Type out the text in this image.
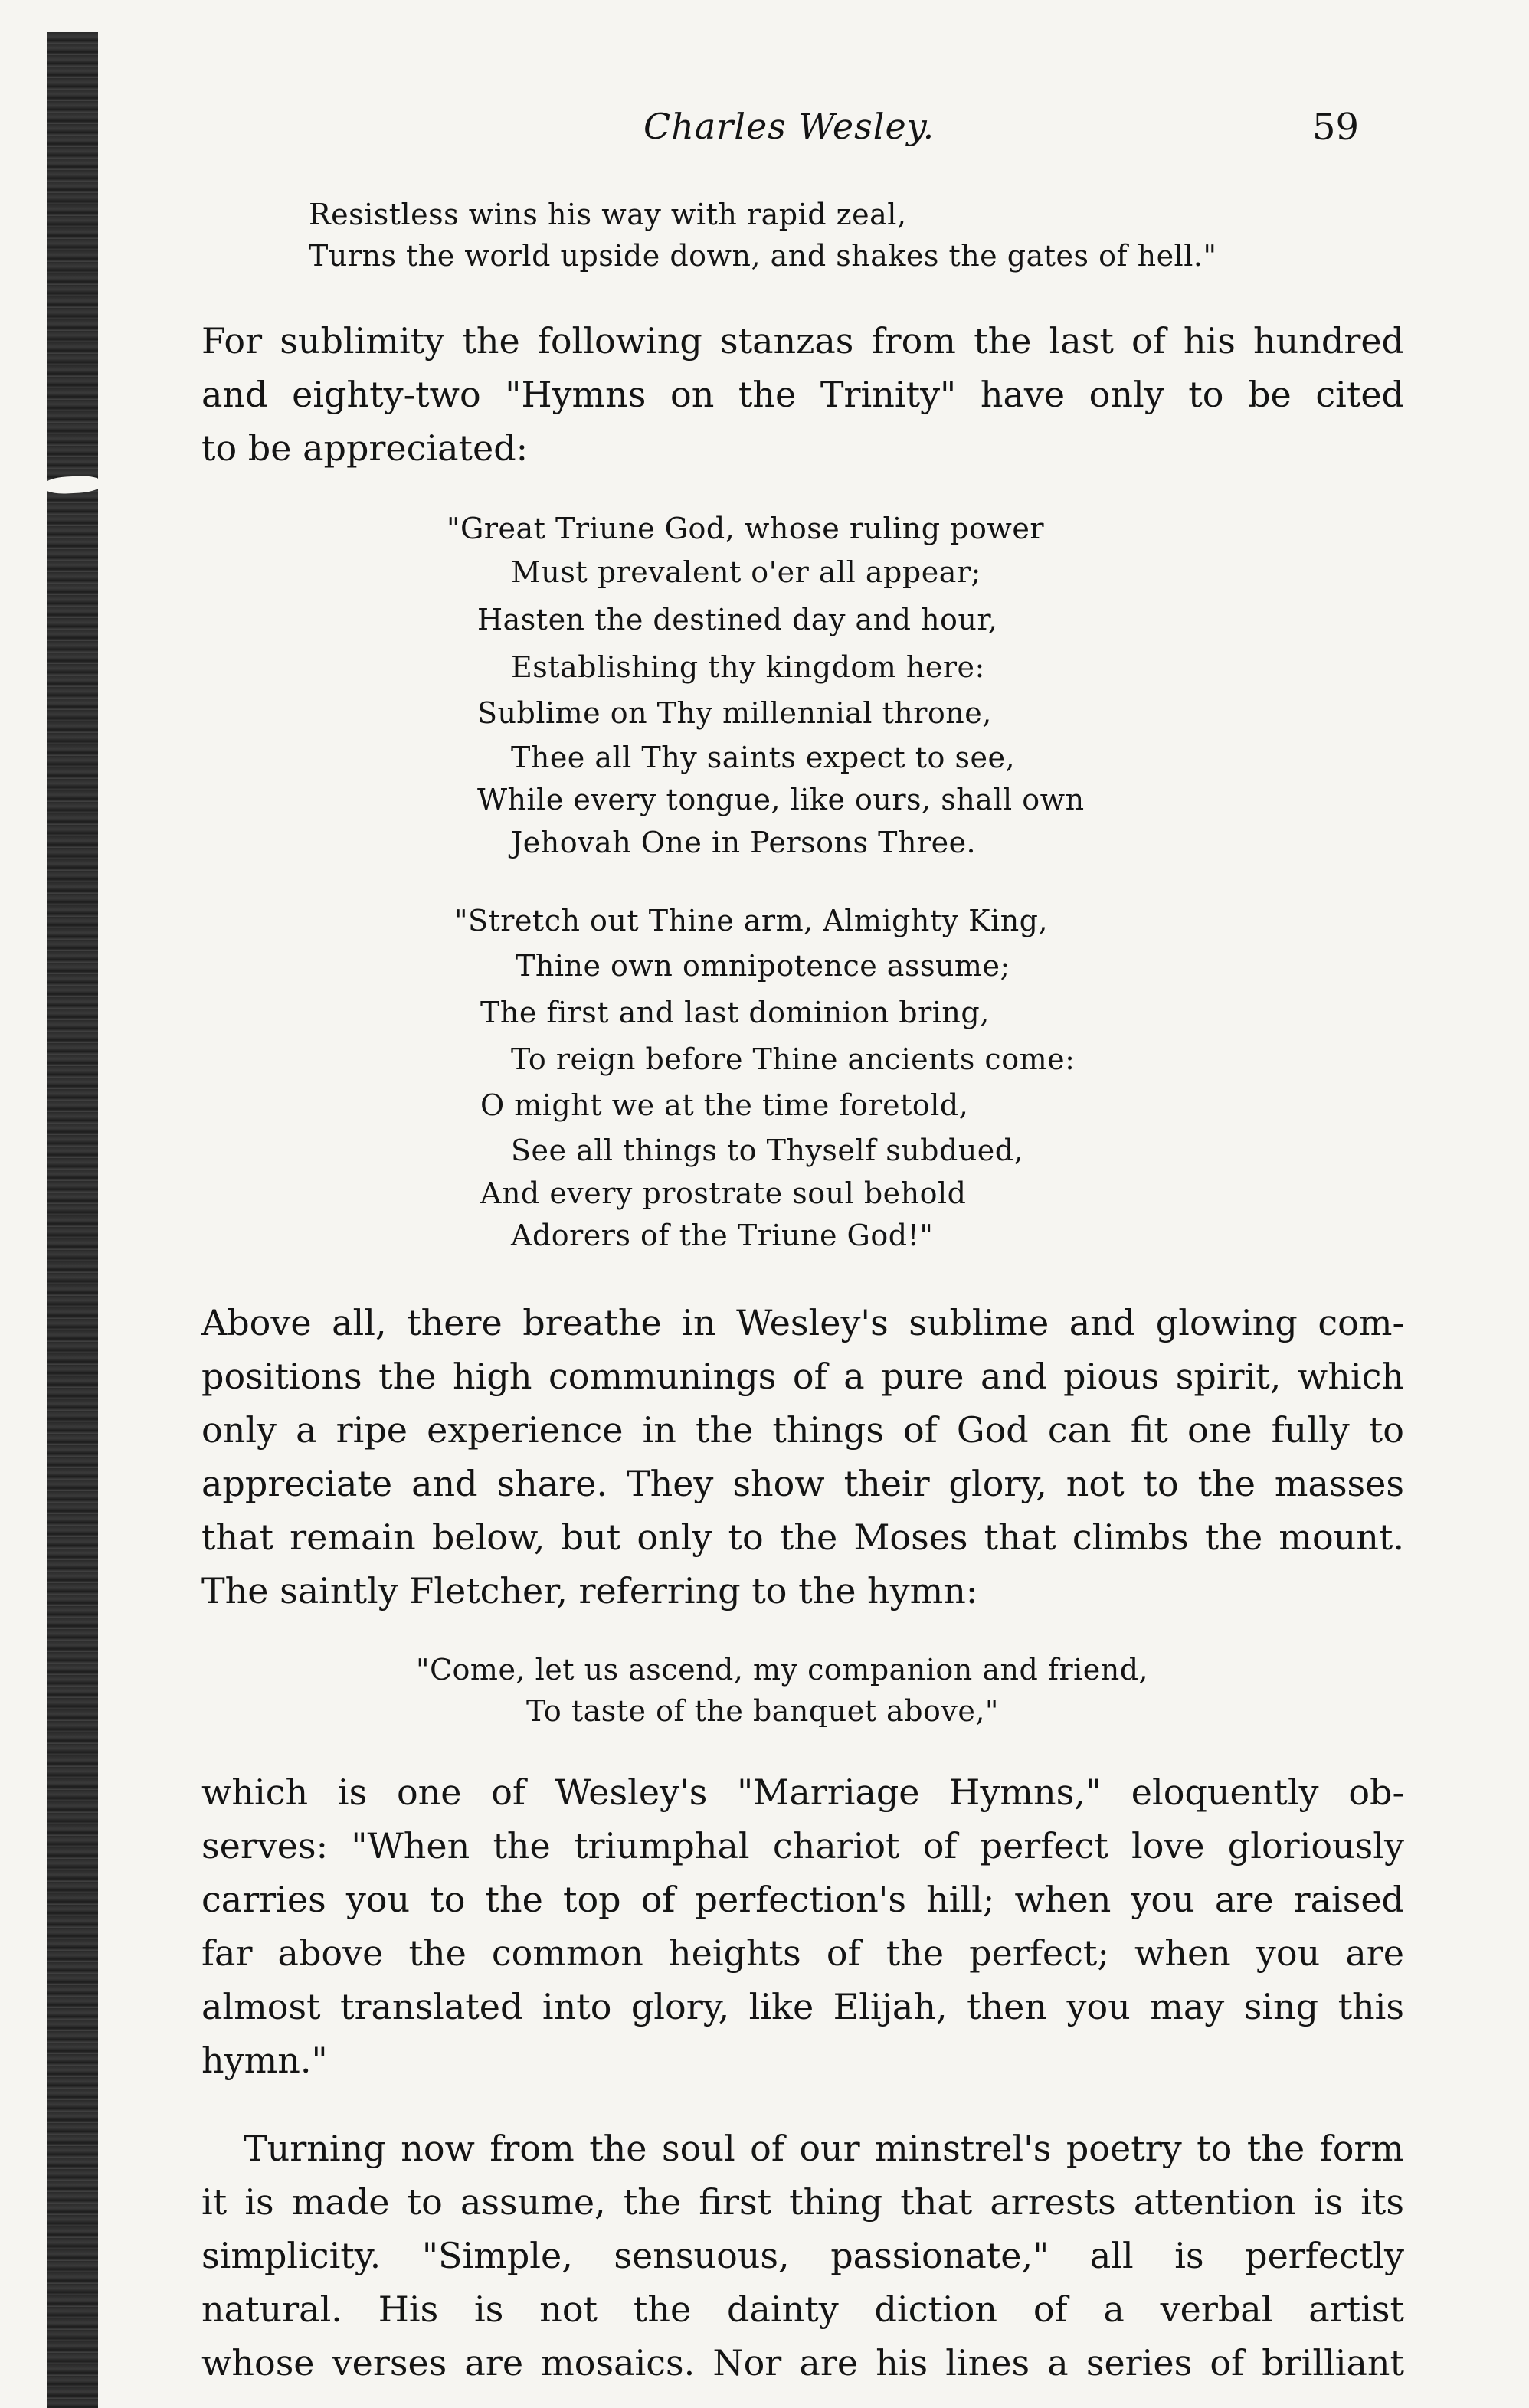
Charles Wesley.	59
Resistless wins his way with rapid zeal,
Turns the world upside down, and shakes the gates of hell."
For sublimity the following stanzas from the last of his hundred
and eighty-two "Hymns on the Trinity" have only to be cited
to be appreciated:
"Great Triune God, whose ruling power
Must prevalent o'er all appear;
Hasten the destined day and hour,
Establishing thy kingdom here:
Sublime on Thy millennial throne,
Thee all Thy saints expect to see,
While every tongue, like ours, shall own
Jehovah One in Persons Three.
"Stretch out Thine arm, Almighty King,
Thine own omnipotence assume;
The first and last dominion bring,
To reign before Thine ancients come:
O might we at the time foretold,
See all things to Thyself subdued,
And every prostrate soul behold
Adorers of the Triune God!"
Above all, there breathe in Wesley's sublime and glowing com-
positions the high communings of a pure and pious spirit, which
only a ripe experience in the things of God can fit one fully to
appreciate and share. They show their glory, not to the masses
that remain below, but only to the Moses that climbs the mount.
The saintly Fletcher, referring to the hymn:
"Come, let us ascend, my companion and friend,
To taste of the banquet above,"
which is one of Wesley's "Marriage Hymns," eloquently ob-
serves: "When the triumphal chariot of perfect love gloriously
carries you to the top of perfection's hill; when you are raised
far above the common heights of the perfect; when you are
almost translated into glory, like Elijah, then you may sing this
hymn."
Turning now from the soul of our minstrel's poetry to the form
it is made to assume, the first thing that arrests attention is its
simplicity. "Simple, sensuous, passionate," all is perfectly
natural. His is not the dainty diction of a verbal artist
whose verses are mosaics. Nor are his lines a series of brilliant
